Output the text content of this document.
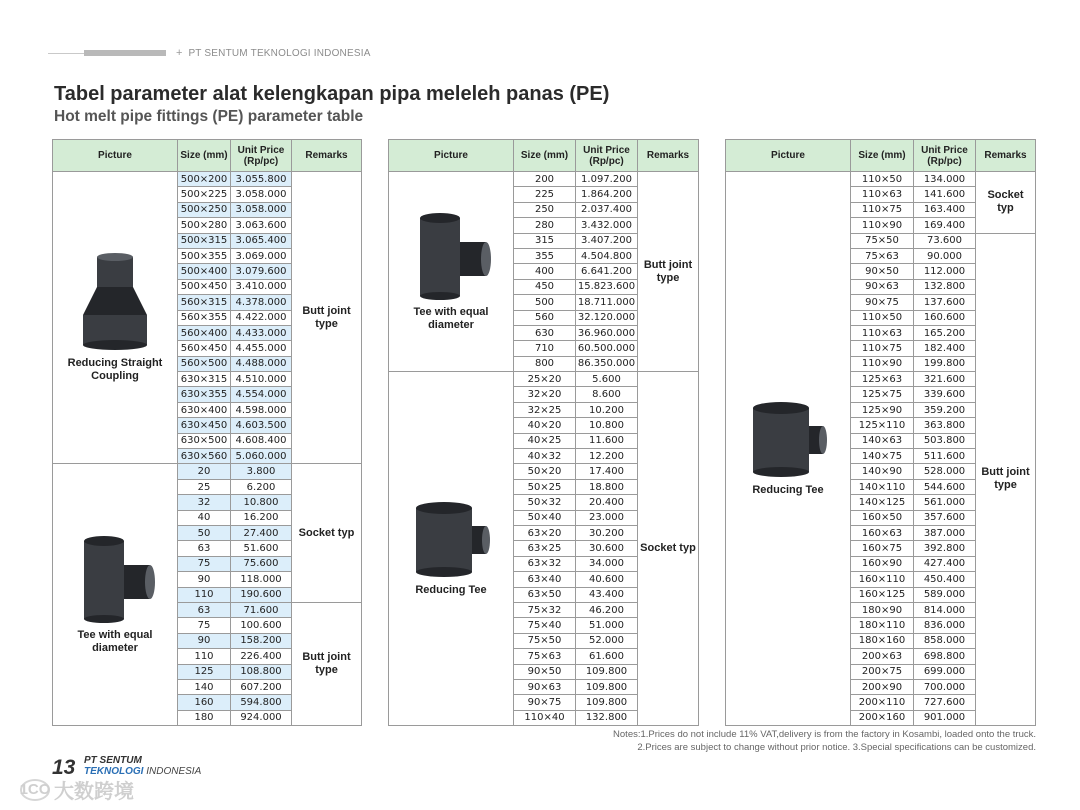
+ PT SENTUM TEKNOLOGI INDONESIA
Tabel parameter alat kelengkapan pipa meleleh panas (PE)
Hot melt pipe fittings (PE) parameter table
Picture	Size (mm)	Unit Price (Rp/pc)	Remarks

Reducing Straight Coupling	500×200	3.055.800	Butt joint type
	500×225	3.058.000	
	500×250	3.058.000	
	500×280	3.063.600	
	500×315	3.065.400	
	500×355	3.069.000	
	500×400	3.079.600	
	500×450	3.410.000	
	560×315	4.378.000	
	560×355	4.422.000	
	560×400	4.433.000	
	560×450	4.455.000	
	560×500	4.488.000	
	630×315	4.510.000	
	630×355	4.554.000	
	630×400	4.598.000	
	630×450	4.603.500	
	630×500	4.608.400	
	630×560	5.060.000	

Tee with equal diameter	20	3.800	Socket typ
	25	6.200	
	32	10.800	
	40	16.200	
	50	27.400	
	63	51.600	
	75	75.600	
	90	118.000	
	110	190.600	
	63	71.600	Butt joint type
	75	100.600	
	90	158.200	
	110	226.400	
	125	108.800	
	140	607.200	
	160	594.800	
	180	924.000	
Picture	Size (mm)	Unit Price (Rp/pc)	Remarks

Tee with equal diameter	200	1.097.200	Butt joint type
	225	1.864.200	
	250	2.037.400	
	280	3.432.000	
	315	3.407.200	
	355	4.504.800	
	400	6.641.200	
	450	15.823.600	
	500	18.711.000	
	560	32.120.000	
	630	36.960.000	
	710	60.500.000	
	800	86.350.000	

Reducing Tee	25×20	5.600	Socket typ
	32×20	8.600	
	32×25	10.200	
	40×20	10.800	
	40×25	11.600	
	40×32	12.200	
	50×20	17.400	
	50×25	18.800	
	50×32	20.400	
	50×40	23.000	
	63×20	30.200	
	63×25	30.600	
	63×32	34.000	
	63×40	40.600	
	63×50	43.400	
	75×32	46.200	
	75×40	51.000	
	75×50	52.000	
	75×63	61.600	
	90×50	109.800	
	90×63	109.800	
	90×75	109.800	
	110×40	132.800	
Picture	Size (mm)	Unit Price (Rp/pc)	Remarks

Reducing Tee	110×50	134.000	Socket typ
	110×63	141.600	
	110×75	163.400	
	110×90	169.400	
	75×50	73.600	Butt joint type
	75×63	90.000	
	90×50	112.000	
	90×63	132.800	
	90×75	137.600	
	110×50	160.600	
	110×63	165.200	
	110×75	182.400	
	110×90	199.800	
	125×63	321.600	
	125×75	339.600	
	125×90	359.200	
	125×110	363.800	
	140×63	503.800	
	140×75	511.600	
	140×90	528.000	
	140×110	544.600	
	140×125	561.000	
	160×50	357.600	
	160×63	387.000	
	160×75	392.800	
	160×90	427.400	
	160×110	450.400	
	160×125	589.000	
	180×90	814.000	
	180×110	836.000	
	180×160	858.000	
	200×63	698.800	
	200×75	699.000	
	200×90	700.000	
	200×110	727.600	
	200×160	901.000	
Notes:1.Prices do not include 11% VAT,delivery is from the factory in Kosambi, loaded onto the truck.
2.Prices are subject to change without prior notice. 3.Special specifications can be customized.
13 PT SENTUM
TEKNOLOGI INDONESIA
1CO 大数跨境
